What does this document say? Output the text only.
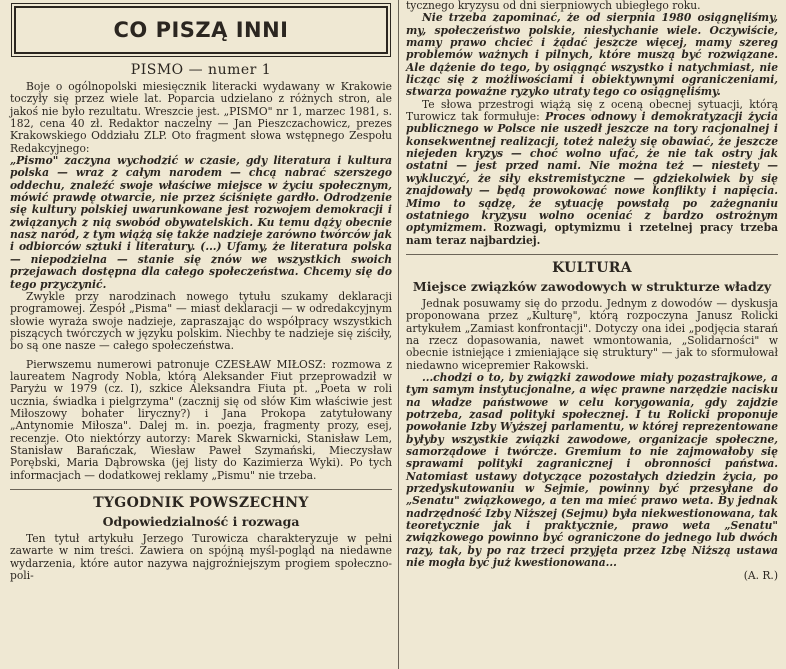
CO PISZĄ INNI
PISMO — numer 1

Boje o ogólnopolski miesięcznik literacki wydawany w Krakowie toczyły się przez wiele lat. Poparcia udzielano z różnych stron, ale jakoś nie było rezultatu. Wreszcie jest. „PISMO" nr 1, marzec 1981, s. 182, cena 40 zł. Redaktor naczelny — Jan Pieszczachowicz, prezes Krakowskiego Oddziału ZLP. Oto fragment słowa wstępnego Zespołu Redakcyjnego:

„Pismo" zaczyna wychodzić w czasie, gdy literatura i kultura polska — wraz z całym narodem — chcą nabrać szerszego oddechu, znaleźć swoje właściwe miejsce w życiu społecznym, mówić prawdę otwarcie, nie przez ściśnięte gardło. Odrodzenie się kultury polskiej uwarunkowane jest rozwojem demokracji i związanych z nią swobód obywatelskich. Ku temu dąży obecnie nasz naród, z tym wiążą się także nadzieje zarówno twórców jak i odbiorców sztuki i literatury. (...) Ufamy, że literatura polska — niepodzielna — stanie się znów we wszystkich swoich przejawach dostępna dla całego społeczeństwa. Chcemy się do tego przyczynić.

Zwykle przy narodzinach nowego tytułu szukamy deklaracji programowej. Zespół „Pisma" — miast deklaracji — w odredakcyjnym słowie wyraża swoje nadzieje, zapraszając do współpracy wszystkich piszących twórczych w języku polskim. Niechby te nadzieje się ziściły, bo są one nasze — całego społeczeństwa.

Pierwszemu numerowi patronuje CZESŁAW MIŁOSZ: rozmowa z laureatem Nagrody Nobla, którą Aleksander Fiut przeprowadził w Paryżu w 1979 (cz. I), szkice Aleksandra Fiuta pt. „Poeta w roli ucznia, świadka i pielgrzyma" (zacznij się od słów Kim właściwie jest Miłoszowy bohater liryczny?) i Jana Prokopa zatytułowany „Antynomie Miłosza". Dalej m. in. poezja, fragmenty prozy, esej, recenzje. Oto niektórzy autorzy: Marek Skwarnicki, Stanisław Lem, Stanisław Barańczak, Wiesław Paweł Szymański, Mieczysław Porębski, Maria Dąbrowska (jej listy do Kazimierza Wyki). Po tych informacjach — dodatkowej reklamy „Pismu" nie trzeba.

TYGODNIK POWSZECHNY
Odpowiedzialność i rozwaga

Ten tytuł artykułu Jerzego Turowicza charakteryzuje w pełni zawarte w nim treści. Zawiera on spójną myśl-pogląd na niedawne wydarzenia, które autor nazywa najgroźniejszym progiem społeczno-poli-

tycznego kryzysu od dni sierpniowych ubiegłego roku.

Nie trzeba zapominać, że od sierpnia 1980 osiągnęliśmy, my, społeczeństwo polskie, niesłychanie wiele. Oczywiście, mamy prawo chcieć i żądać jeszcze więcej, mamy szereg problemów ważnych i pilnych, które muszą być rozwiązane. Ale dążenie do tego, by osiągnąć wszystko i natychmiast, nie licząc się z możliwościami i obiektywnymi ograniczeniami, stwarza poważne ryzyko utraty tego co osiągnęliśmy.

Te słowa przestrogi wiążą się z oceną obecnej sytuacji, którą Turowicz tak formułuje: Proces odnowy i demokratyzacji życia publicznego w Polsce nie uszedł jeszcze na tory racjonalnej i konsekwentnej realizacji, toteż należy się obawiać, że jeszcze niejeden kryzys — choć wolno ufać, że nie tak ostry jak ostatni — jest przed nami. Nie można też — niestety — wykluczyć, że siły ekstremistyczne — gdziekolwiek by się znajdowały — będą prowokować nowe konflikty i napięcia. Mimo to sądzę, że sytuację powstałą po zażegnaniu ostatniego kryzysu wolno oceniać z bardzo ostrożnym optymizmem. Rozwagi, optymizmu i rzetelnej pracy trzeba nam teraz najbardziej.

KULTURA
Miejsce związków zawodowych w strukturze władzy

Jednak posuwamy się do przodu. Jednym z dowodów — dyskusja proponowana przez „Kulturę", którą rozpoczyna Janusz Rolicki artykułem „Zamiast konfrontacji". Dotyczy ona idei „podjęcia starań na rzecz dopasowania, nawet wmontowania, „Solidarności" w obecnie istniejące i zmieniające się struktury" — jak to sformułował niedawno wicepremier Rakowski.

...chodzi o to, by związki zawodowe miały pozastrajkowe, a tym samym instytucjonalne, a więc prawne narzędzie nacisku na władze państwowe w celu korygowania, gdy zajdzie potrzeba, zasad polityki społecznej. I tu Rolicki proponuje powołanie Izby Wyższej parlamentu, w której reprezentowane byłyby wszystkie związki zawodowe, organizacje społeczne, samorządowe i twórcze. Gremium to nie zajmowałoby się sprawami polityki zagranicznej i obronności państwa. Natomiast ustawy dotyczące pozostałych dziedzin życia, po przedyskutowaniu w Sejmie, powinny być przesyłane do „Senatu" związkowego, a ten ma mieć prawo weta. By jednak nadrzędność Izby Niższej (Sejmu) była niekwestionowana, tak teoretycznie jak i praktycznie, prawo weta „Senatu" związkowego powinno być ograniczone do jednego lub dwóch razy, tak, by po raz trzeci przyjęta przez Izbę Niższą ustawa nie mogła być już kwestionowana...

(A. R.)
